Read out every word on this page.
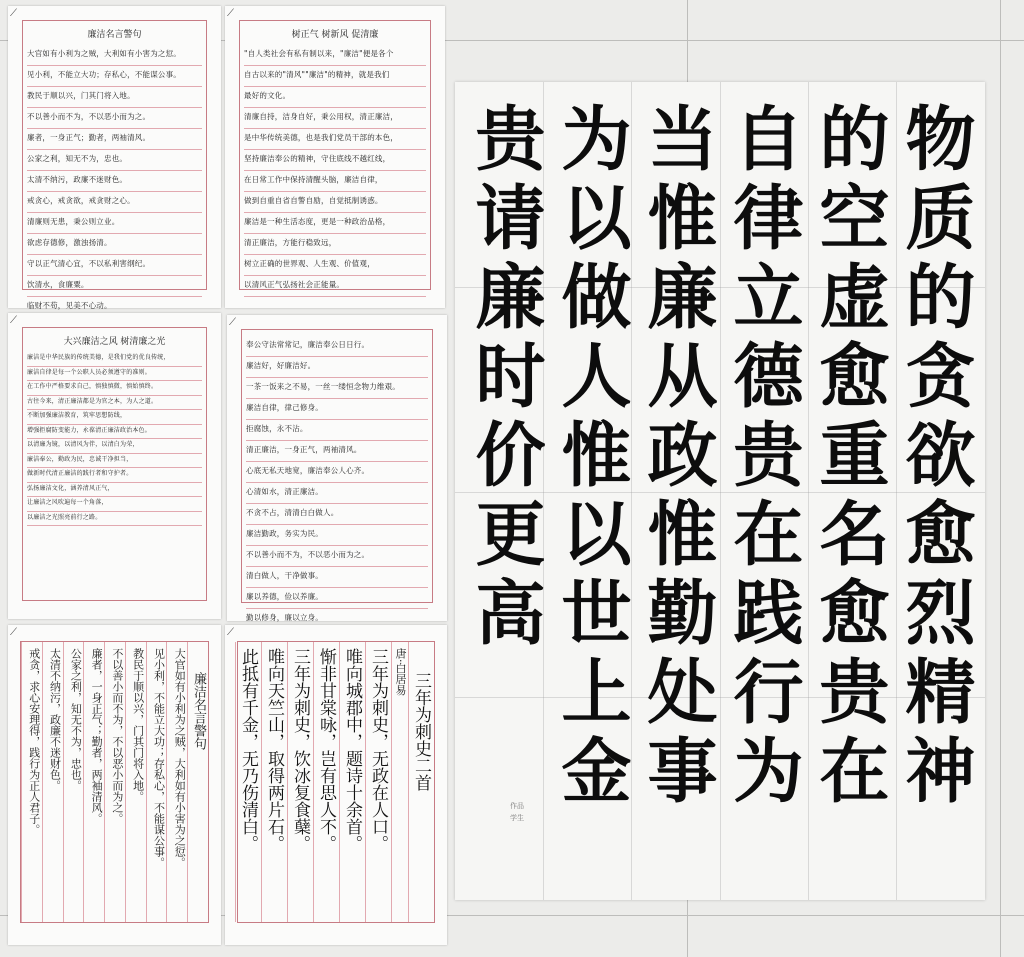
⟋
廉洁名言警句
大官如有小利为之贼，大利如有小害为之愆。
见小利，不能立大功；存私心，不能谋公事。
教民于顺以兴，门其门将入地。
不以善小而不为，不以恶小而为之。
廉者，一身正气；勤者，两袖清风。
公家之利，知无不为，忠也。
太清不纳污，政廉不迷财色。
戒贪心，戒贪欲，戒贪财之心。
清廉则无患，秉公则立业。
欲虑存德修，激浊扬清。
守以正气清心宜，不以私利害纲纪。
饮清水，食廉粟。
临财不苟，见美不心动。
⟋
树正气 树新风 促清廉
"自人类社会有私有制以来，"廉洁"便是各个
自古以来的"清风""廉洁"的精神，就是我们
最好的文化。
清廉自持，洁身自好，秉公用权，清正廉洁，
是中华传统美德，也是我们党员干部的本色，
坚持廉洁奉公的精神，守住底线不越红线，
在日常工作中保持清醒头脑，廉洁自律，
做到自重自省自警自励，自觉抵制诱惑。
廉洁是一种生活态度，更是一种政治品格，
清正廉洁，方能行稳致远，
树立正确的世界观、人生观、价值观，
以清风正气弘扬社会正能量。
⟋
大兴廉洁之风 树清廉之光
廉洁是中华民族的传统美德，是我们党的优良传统，
廉洁自律是每一个公职人员必须遵守的准则。
在工作中严格要求自己，慎独慎微，慎始慎终。
古往今来，清正廉洁都是为官之本，为人之道。
不断加强廉洁教育，筑牢思想防线，
增强拒腐防变能力，永葆清正廉洁政治本色。
以清廉为镜，以清风为伴，以清白为荣，
廉洁奉公，勤政为民，忠诚干净担当，
做新时代清正廉洁的践行者和守护者。
弘扬廉洁文化，涵养清风正气，
让廉洁之风吹遍每一个角落，
以廉洁之光照亮前行之路。
⟋
奉公守法常常记，廉洁奉公日日行。
廉洁好，好廉洁好。
一茶一饭来之不易，一丝一缕恒念物力维艰。
廉洁自律，律己修身。
拒腐蚀，永不沾。
清正廉洁，一身正气，两袖清风。
心底无私天地宽，廉洁奉公人心齐。
心清如水，清正廉洁。
不贪不占，清清白白做人。
廉洁勤政，务实为民。
不以善小而不为，不以恶小而为之。
清白做人，干净做事。
廉以养德，俭以养廉。
勤以修身，廉以立身。
⟋
廉洁名言警句
大官如有小利为之贼，大利如有小害为之愆。
见小利，不能立大功；存私心，不能谋公事。
教民于顺以兴，门其门将入地。
不以善小而不为，不以恶小而为之。
廉者，一身正气；勤者，两袖清风。
公家之利，知无不为，忠也。
太清不纳污，政廉不迷财色。
戒贪，求心安理得，践行为正人君子。
⟋
三年为刺史二首
唐·白居易
三年为刺史，无政在人口。
唯向城郡中，题诗十余首。
惭非甘棠咏，岂有思人不。
三年为刺史，饮冰复食蘖。
唯向天竺山，取得两片石。
此抵有千金，无乃伤清白。	物质的贪欲愈烈精神
的空虚愈重名愈贵在
自律立德贵在践行为
当惟廉从政惟勤处事
为以做人惟以世上金
贵请廉时价更高
作品
学生
